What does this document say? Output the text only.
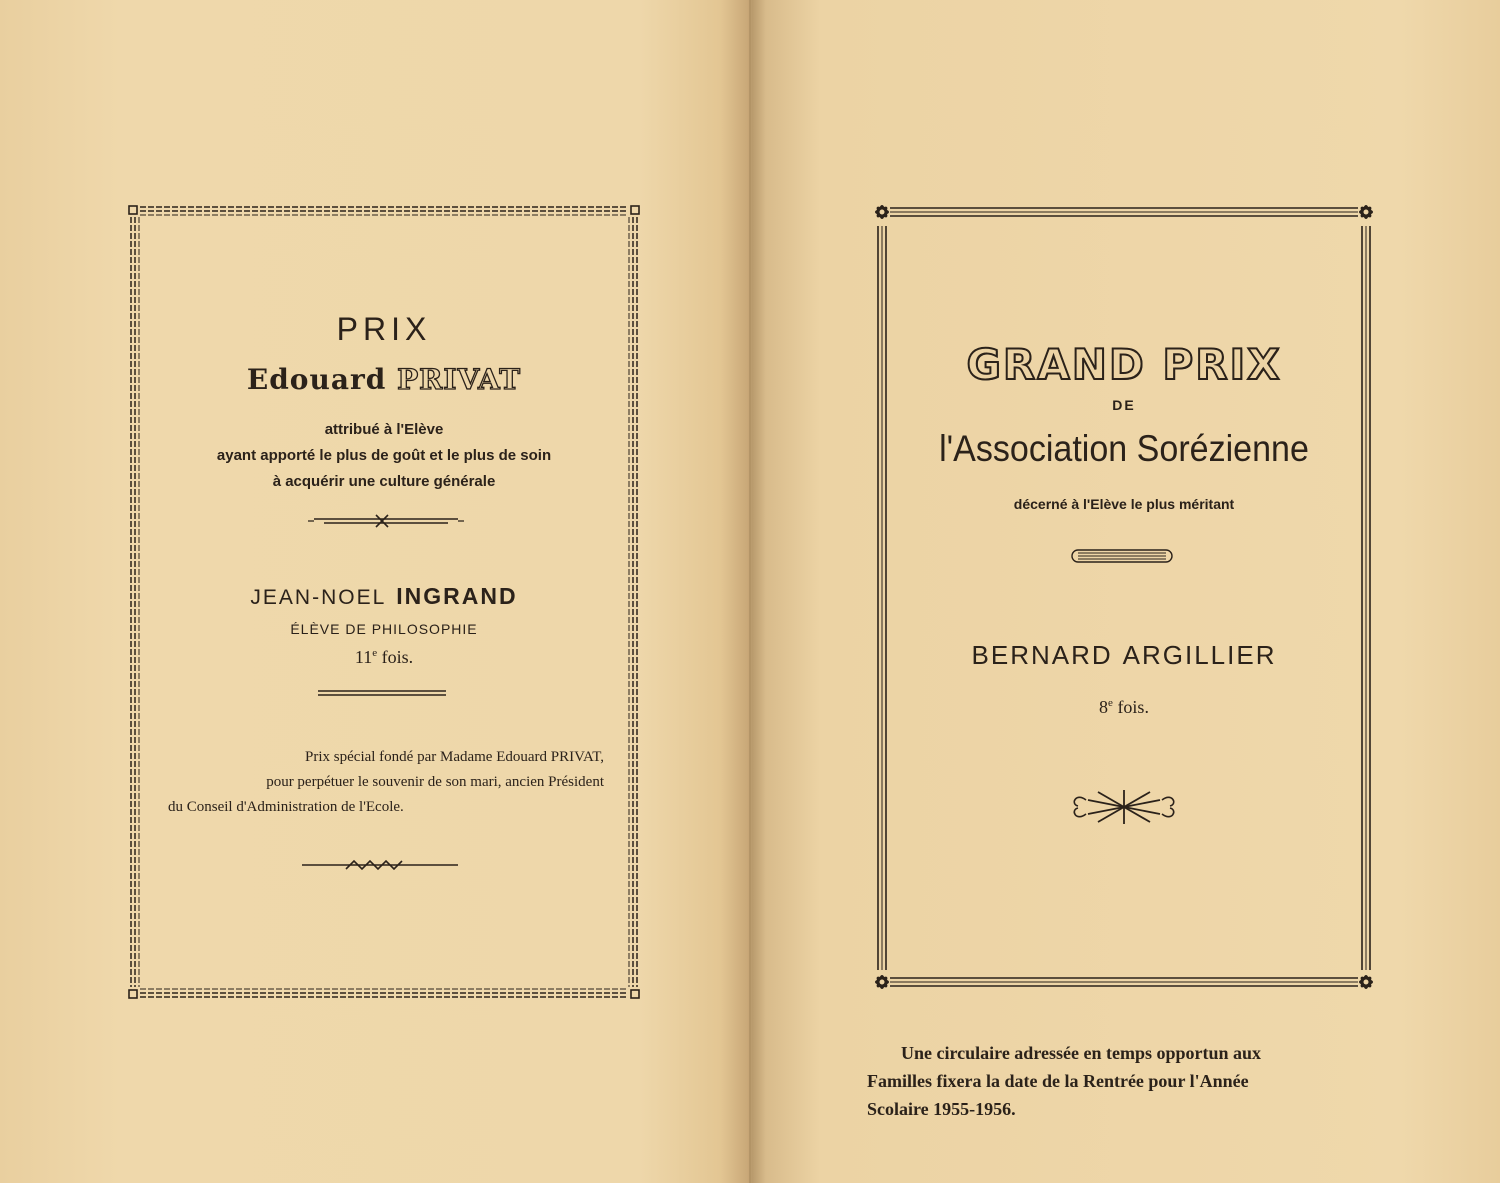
PRIX
Edouard PRIVAT
attribué à l'Elève
ayant apporté le plus de goût et le plus de soin
à acquérir une culture générale
JEAN-NOEL INGRAND
ÉLÈVE DE PHILOSOPHIE
11e fois.
Prix spécial fondé par Madame Edouard PRIVAT,
pour perpétuer le souvenir de son mari, ancien Président
du Conseil d'Administration de l'Ecole.
GRAND PRIX
DE
l'Association Sorézienne
décerné à l'Elève le plus méritant
BERNARD ARGILLIER
8e fois.
Une circulaire adressée en temps opportun aux
Familles fixera la date de la Rentrée pour l'Année
Scolaire 1955-1956.
